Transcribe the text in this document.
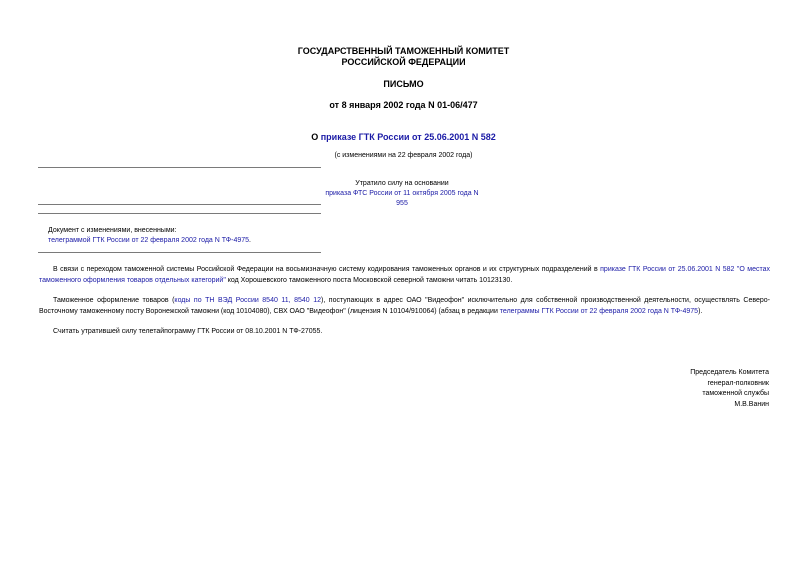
ГОСУДАРСТВЕННЫЙ ТАМОЖЕННЫЙ КОМИТЕТ
РОССИЙСКОЙ ФЕДЕРАЦИИ
ПИСЬМО
от 8 января 2002 года N 01-06/477
О приказе ГТК России от 25.06.2001 N 582
(с изменениями на 22 февраля 2002 года)
Утратило силу на основании
приказа ФТС России от 11 октября 2005 года N 955
Документ с изменениями, внесенными:
телеграммой ГТК России от 22 февраля 2002 года N ТФ-4975.
В связи с переходом таможенной системы Российской Федерации на восьмизначную систему кодирования таможенных органов и их структурных подразделений в приказе ГТК России от 25.06.2001 N 582 "О местах таможенного оформления товаров отдельных категорий" код Хорошевского таможенного поста Московской северной таможни читать 10123130.
Таможенное оформление товаров (коды по ТН ВЭД России 8540 11, 8540 12), поступающих в адрес ОАО "Видеофон" исключительно для собственной производственной деятельности, осуществлять Северо-Восточному таможенному посту Воронежской таможни (код 10104080), СВХ ОАО "Видеофон" (лицензия N 10104/910064) (абзац в редакции телеграммы ГТК России от 22 февраля 2002 года N ТФ-4975).
Считать утратившей силу телетайпограмму ГТК России от 08.10.2001 N ТФ-27055.
Председатель Комитета
генерал-полковник
таможенной службы
М.В.Ванин
